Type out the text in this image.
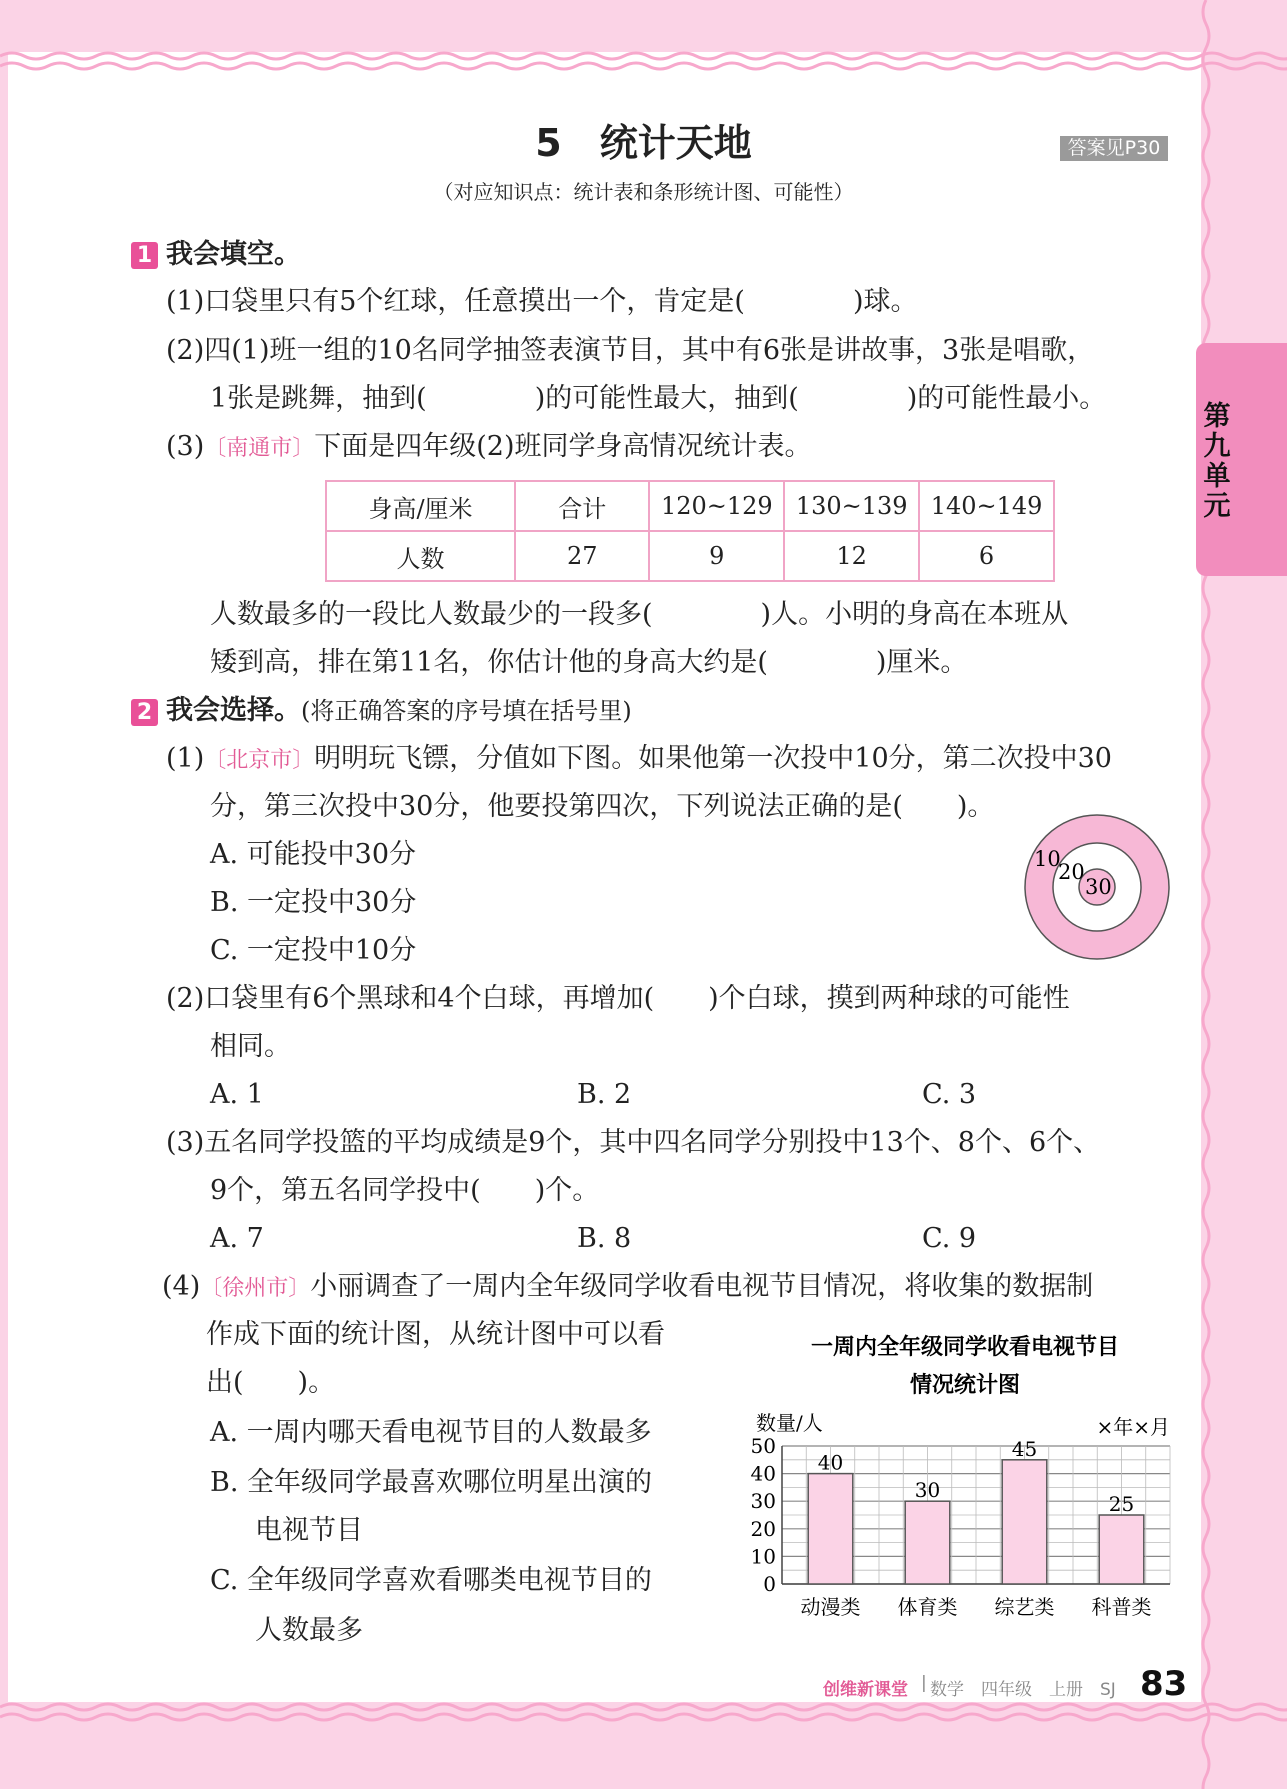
第九单元
5　统计天地	答案见P30
（对应知识点：统计表和条形统计图、可能性）
1 我会填空。
(1)口袋里只有5个红球，任意摸出一个，肯定是(　　　　)球。
(2)四(1)班一组的10名同学抽签表演节目，其中有6张是讲故事，3张是唱歌，
1张是跳舞，抽到(　　　　)的可能性最大，抽到(　　　　)的可能性最小。
(3)〔南通市〕下面是四年级(2)班同学身高情况统计表。
身高/厘米	合计	120~129	130~139	140~149
人数	27	9	12	6
人数最多的一段比人数最少的一段多(　　　　)人。小明的身高在本班从
矮到高，排在第11名，你估计他的身高大约是(　　　　)厘米。
2 我会选择。(将正确答案的序号填在括号里)
(1)〔北京市〕明明玩飞镖，分值如下图。如果他第一次投中10分，第二次投中30
分，第三次投中30分，他要投第四次，下列说法正确的是(　　)。
A. 可能投中30分
B. 一定投中30分
C. 一定投中10分
10
20
30
(2)口袋里有6个黑球和4个白球，再增加(　　)个白球，摸到两种球的可能性
相同。
A. 1	B. 2	C. 3
(3)五名同学投篮的平均成绩是9个，其中四名同学分别投中13个、8个、6个、
9个，第五名同学投中(　　)个。
A. 7	B. 8	C. 9
(4)〔徐州市〕小丽调查了一周内全年级同学收看电视节目情况，将收集的数据制
作成下面的统计图，从统计图中可以看
出(　　)。
A. 一周内哪天看电视节目的人数最多
B. 全年级同学最喜欢哪位明星出演的
电视节目
C. 全年级同学喜欢看哪类电视节目的
人数最多
一周内全年级同学收看电视节目
情况统计图
数量/人	×年×月
0
10
20
30
40
50
40
动漫类
30
体育类
45
综艺类
25
科普类
创维新课堂 | 数学　四年级　上册　SJ 83
